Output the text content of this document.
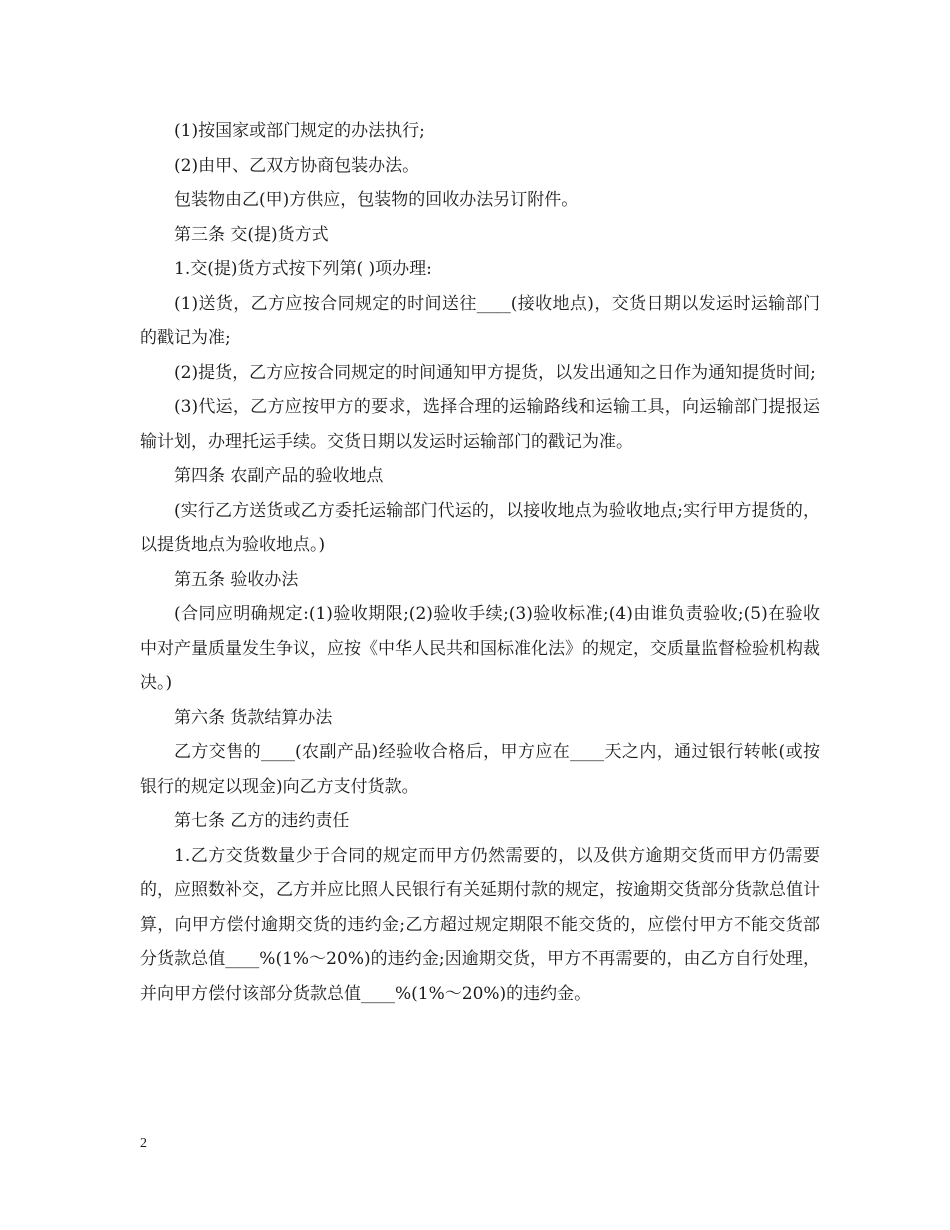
(1)按国家或部门规定的办法执行;

(2)由甲、乙双方协商包装办法。

包装物由乙(甲)方供应，包装物的回收办法另订附件。

第三条 交(提)货方式

1.交(提)货方式按下列第( )项办理:

(1)送货，乙方应按合同规定的时间送往____(接收地点)，交货日期以发运时运输部门的戳记为准;

(2)提货，乙方应按合同规定的时间通知甲方提货，以发出通知之日作为通知提货时间;

(3)代运，乙方应按甲方的要求，选择合理的运输路线和运输工具，向运输部门提报运输计划，办理托运手续。交货日期以发运时运输部门的戳记为准。

第四条 农副产品的验收地点

(实行乙方送货或乙方委托运输部门代运的，以接收地点为验收地点;实行甲方提货的，以提货地点为验收地点。)

第五条 验收办法

(合同应明确规定:(1)验收期限;(2)验收手续;(3)验收标准;(4)由谁负责验收;(5)在验收中对产量质量发生争议，应按《中华人民共和国标准化法》的规定，交质量监督检验机构裁决。)

第六条 货款结算办法

乙方交售的____(农副产品)经验收合格后，甲方应在____天之内，通过银行转帐(或按银行的规定以现金)向乙方支付货款。

第七条 乙方的违约责任

1.乙方交货数量少于合同的规定而甲方仍然需要的，以及供方逾期交货而甲方仍需要的，应照数补交，乙方并应比照人民银行有关延期付款的规定，按逾期交货部分货款总值计算，向甲方偿付逾期交货的违约金;乙方超过规定期限不能交货的，应偿付甲方不能交货部分货款总值____%(1%～20%)的违约金;因逾期交货，甲方不再需要的，由乙方自行处理，并向甲方偿付该部分货款总值____%(1%～20%)的违约金。

2
